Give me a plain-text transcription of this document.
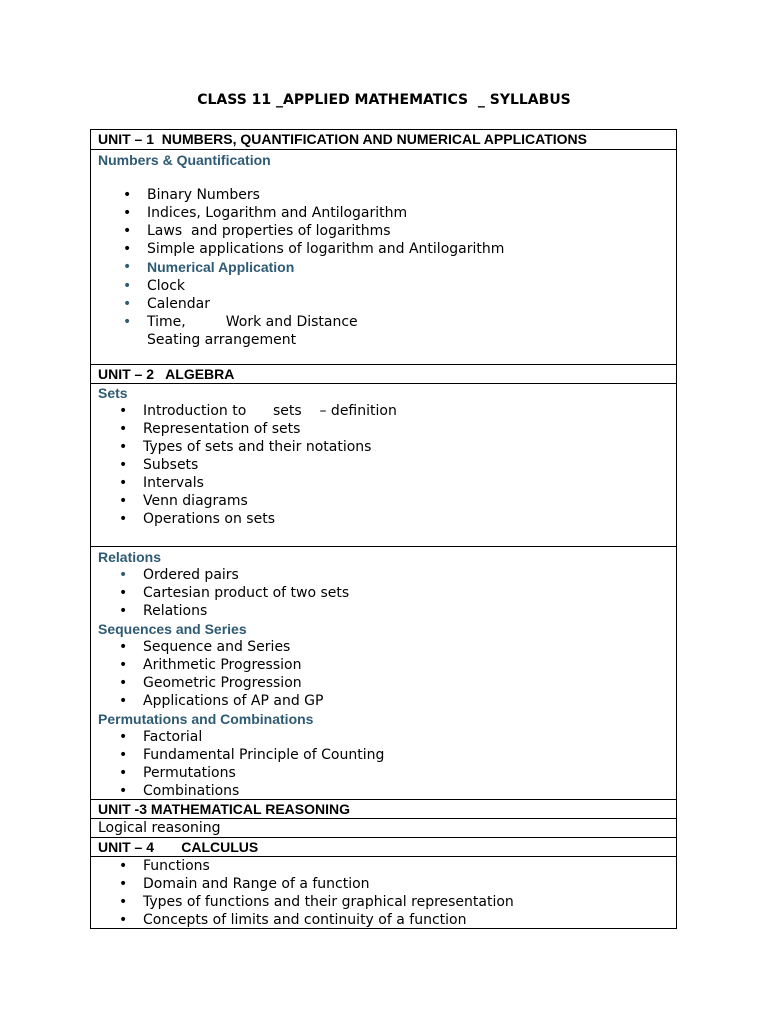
CLASS 11 _APPLIED MATHEMATICS  _ SYLLABUS
UNIT – 1  NUMBERS, QUANTIFICATION AND NUMERICAL APPLICATIONS
Numbers & Quantification
• Binary Numbers
• Indices, Logarithm and Antilogarithm
• Laws  and properties of logarithms
• Simple applications of logarithm and Antilogarithm
• Numerical Application
• Clock
• Calendar
• Time,         Work and Distance
Seating arrangement
UNIT – 2   ALGEBRA
Sets
• Introduction to      sets    – definition
• Representation of sets
• Types of sets and their notations
• Subsets
• Intervals
• Venn diagrams
• Operations on sets
Relations
• Ordered pairs
• Cartesian product of two sets
• Relations
Sequences and Series
• Sequence and Series
• Arithmetic Progression
• Geometric Progression
• Applications of AP and GP
Permutations and Combinations
• Factorial
• Fundamental Principle of Counting
• Permutations
• Combinations
UNIT -3 MATHEMATICAL REASONING
Logical reasoning
UNIT – 4       CALCULUS
• Functions
• Domain and Range of a function
• Types of functions and their graphical representation
• Concepts of limits and continuity of a function
